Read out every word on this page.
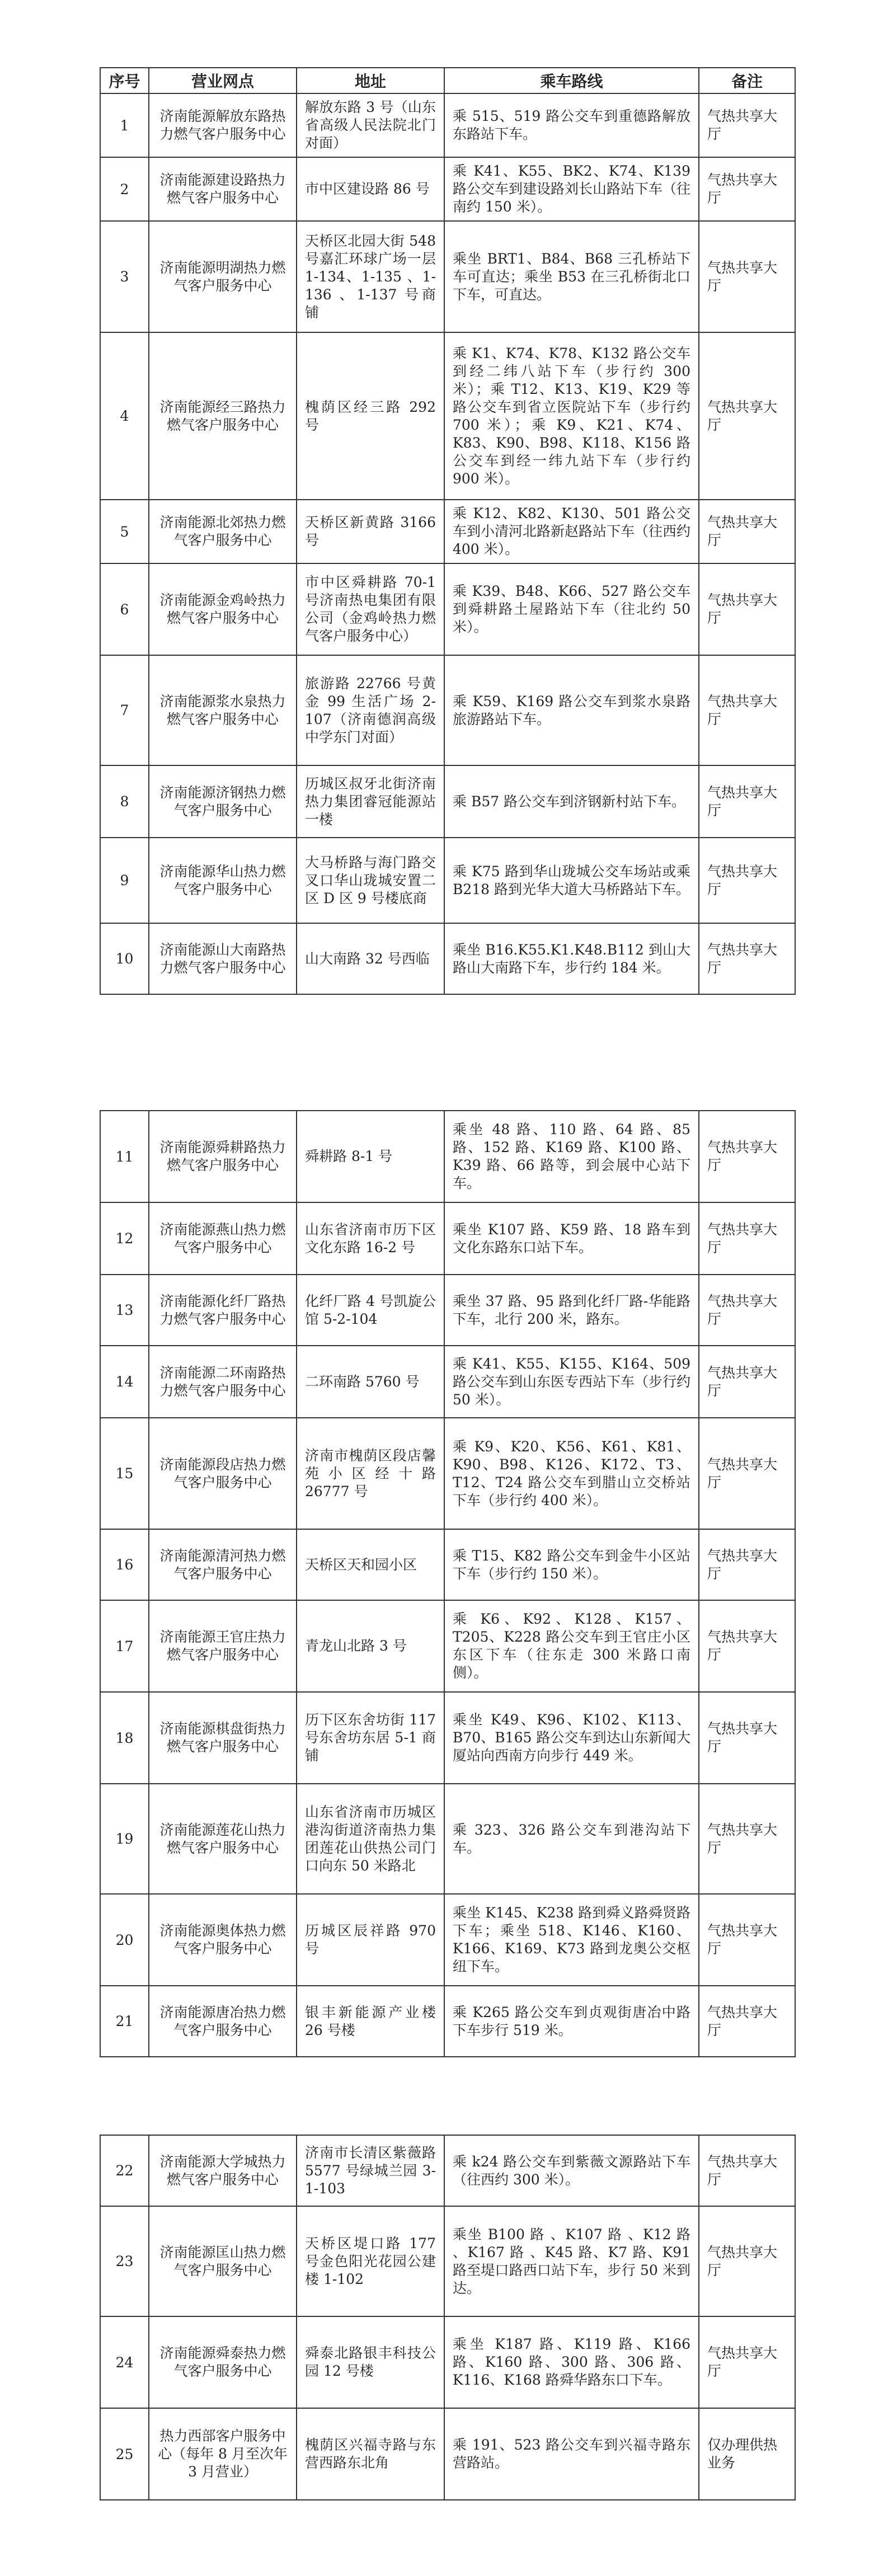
序号	营业网点	地址	乘车路线	备注
1	济南能源解放东路热力燃气客户服务中心	解放东路 3 号（山东省高级人民法院北门对面）	乘 515、519 路公交车到重德路解放东路站下车。	气热共享大厅
2	济南能源建设路热力燃气客户服务中心	市中区建设路 86 号	乘 K41、K55、BK2、K74、K139 路公交车到建设路刘长山路站下车（往南约 150 米）。	气热共享大厅
3	济南能源明湖热力燃气客户服务中心	天桥区北园大街 548 号嘉汇环球广场一层 1-134、1-135 、1-136 、1-137 号商铺	乘坐 BRT1、B84、B68 三孔桥站下车可直达；乘坐 B53 在三孔桥街北口下车，可直达。	气热共享大厅
4	济南能源经三路热力燃气客户服务中心	槐荫区经三路 292 号	乘 K1、K74、K78、K132 路公交车到经二纬八站下车（步行约 300 米）；乘 T12、K13、K19、K29 等路公交车到省立医院站下车（步行约 700 米）；乘 K9、K21、K74、K83、K90、B98、K118、K156 路公交车到经一纬九站下车（步行约 900 米）。	气热共享大厅
5	济南能源北郊热力燃气客户服务中心	天桥区新黄路 3166 号	乘 K12、K82、K130、501 路公交车到小清河北路新赵路站下车（往西约 400 米）。	气热共享大厅
6	济南能源金鸡岭热力燃气客户服务中心	市中区舜耕路 70-1 号济南热电集团有限公司（金鸡岭热力燃气客户服务中心）	乘 K39、B48、K66、527 路公交车到舜耕路土屋路站下车（往北约 50 米）。	气热共享大厅
7	济南能源浆水泉热力燃气客户服务中心	旅游路 22766 号黄金 99 生活广场 2-107（济南德润高级中学东门对面）	乘 K59、K169 路公交车到浆水泉路旅游路站下车。	气热共享大厅
8	济南能源济钢热力燃气客户服务中心	历城区叔牙北街济南热力集团睿冠能源站一楼	乘 B57 路公交车到济钢新村站下车。	气热共享大厅
9	济南能源华山热力燃气客户服务中心	大马桥路与海门路交叉口华山珑城安置二区 D 区 9 号楼底商	乘 K75 路到华山珑城公交车场站或乘 B218 路到光华大道大马桥路站下车。	气热共享大厅
10	济南能源山大南路热力燃气客户服务中心	山大南路 32 号西临	乘坐 B16.K55.K1.K48.B112 到山大路山大南路下车，步行约 184 米。	气热共享大厅
11	济南能源舜耕路热力燃气客户服务中心	舜耕路 8-1 号	乘坐 48 路、110 路、64 路、85 路、152 路、K169 路、K100 路、K39 路、66 路等，到会展中心站下车。	气热共享大厅
12	济南能源燕山热力燃气客户服务中心	山东省济南市历下区文化东路 16-2 号	乘坐 K107 路、K59 路、18 路车到文化东路东口站下车。	气热共享大厅
13	济南能源化纤厂路热力燃气客户服务中心	化纤厂路 4 号凯旋公馆 5-2-104	乘坐 37 路、95 路到化纤厂路-华能路下车，北行 200 米，路东。	气热共享大厅
14	济南能源二环南路热力燃气客户服务中心	二环南路 5760 号	乘 K41、K55、K155、K164、509 路公交车到山东医专西站下车（步行约 50 米）。	气热共享大厅
15	济南能源段店热力燃气客户服务中心	济南市槐荫区段店馨苑小区经十路 26777 号	乘 K9、K20、K56、K61、K81、K90、B98、K126、K172、T3、T12、T24 路公交车到腊山立交桥站下车（步行约 400 米）。	气热共享大厅
16	济南能源清河热力燃气客户服务中心	天桥区天和园小区	乘 T15、K82 路公交车到金牛小区站下车（步行约 150 米）。	气热共享大厅
17	济南能源王官庄热力燃气客户服务中心	青龙山北路 3 号	乘 K6、K92、K128、K157、T205、K228 路公交车到王官庄小区东区下车（往东走 300 米路口南侧）。	气热共享大厅
18	济南能源棋盘街热力燃气客户服务中心	历下区东舍坊街 117 号东舍坊东居 5-1 商铺	乘坐 K49、K96、K102、K113、B70、B165 路公交车到达山东新闻大厦站向西南方向步行 449 米。	气热共享大厅
19	济南能源莲花山热力燃气客户服务中心	山东省济南市历城区港沟街道济南热力集团莲花山供热公司门口向东 50 米路北	乘 323、326 路公交车到港沟站下车。	气热共享大厅
20	济南能源奥体热力燃气客户服务中心	历城区辰祥路 970 号	乘坐 K145、K238 路到舜义路舜贤路下车；乘坐 518、K146、K160、K166、K169、K73 路到龙奥公交枢纽下车。	气热共享大厅
21	济南能源唐冶热力燃气客户服务中心	银丰新能源产业楼 26 号楼	乘 K265 路公交车到贞观街唐冶中路下车步行 519 米。	气热共享大厅
22	济南能源大学城热力燃气客户服务中心	济南市长清区紫薇路 5577 号绿城兰园 3-1-103	乘 k24 路公交车到紫薇文源路站下车（往西约 300 米）。	气热共享大厅
23	济南能源匡山热力燃气客户服务中心	天桥区堤口路 177 号金色阳光花园公建楼 1-102	乘坐 B100 路 、K107 路 、K12 路 、K167 路 、K45 路、K7 路、K91 路至堤口路西口站下车，步行 50 米到达。	气热共享大厅
24	济南能源舜泰热力燃气客户服务中心	舜泰北路银丰科技公园 12 号楼	乘坐 K187 路、K119 路、K166 路、K160 路、300 路、306 路、K116、K168 路舜华路东口下车。	气热共享大厅
25	热力西部客户服务中心（每年 8 月至次年 3 月营业）	槐荫区兴福寺路与东营西路东北角	乘 191、523 路公交车到兴福寺路东营路站。	仅办理供热业务
